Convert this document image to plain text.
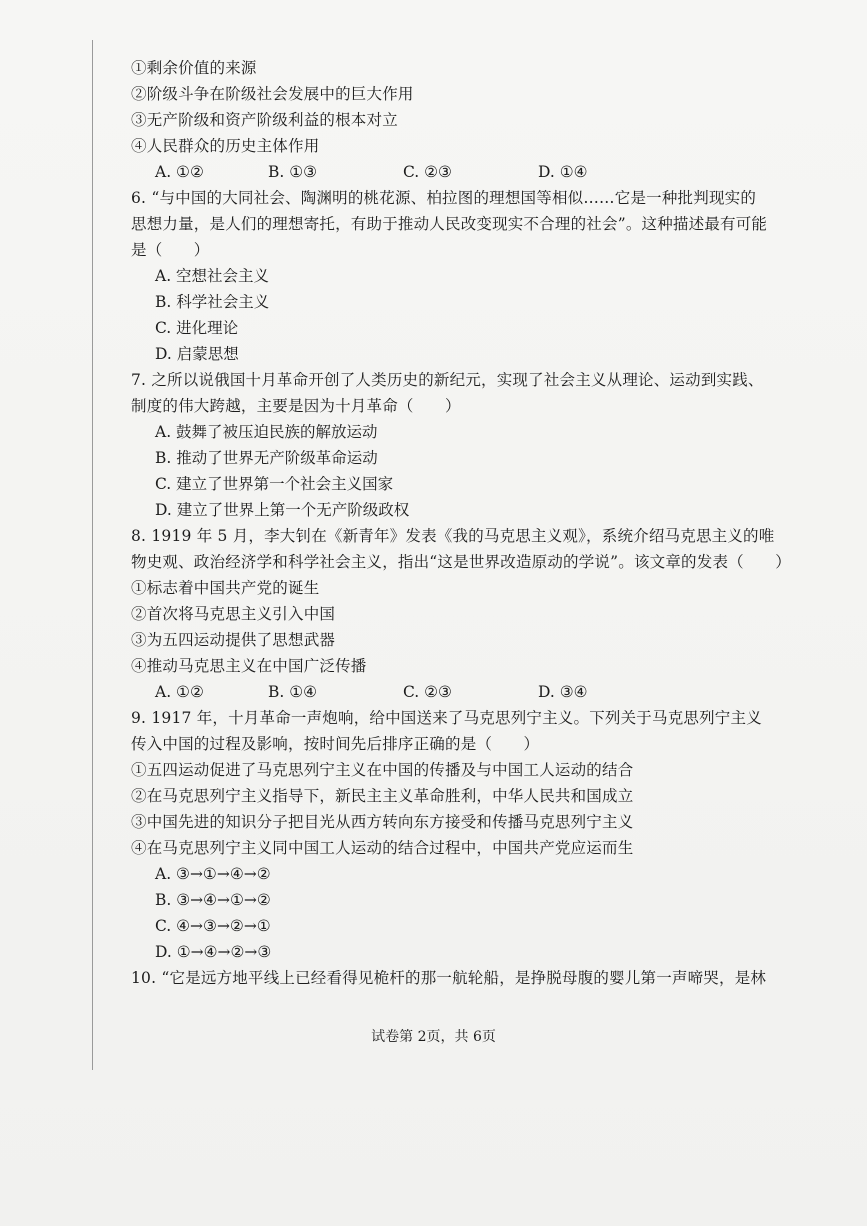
①剩余价值的来源
②阶级斗争在阶级社会发展中的巨大作用
③无产阶级和资产阶级利益的根本对立
④人民群众的历史主体作用
A. ①②	B. ①③	C. ②③	D. ①④
6. “与中国的大同社会、陶渊明的桃花源、柏拉图的理想国等相似……它是一种批判现实的
思想力量，是人们的理想寄托，有助于推动人民改变现实不合理的社会”。这种描述最有可能
是（　　）
A. 空想社会主义
B. 科学社会主义
C. 进化理论
D. 启蒙思想
7. 之所以说俄国十月革命开创了人类历史的新纪元，实现了社会主义从理论、运动到实践、
制度的伟大跨越，主要是因为十月革命（　　）
A. 鼓舞了被压迫民族的解放运动
B. 推动了世界无产阶级革命运动
C. 建立了世界第一个社会主义国家
D. 建立了世界上第一个无产阶级政权
8. 1919 年 5 月，李大钊在《新青年》发表《我的马克思主义观》，系统介绍马克思主义的唯
物史观、政治经济学和科学社会主义，指出“这是世界改造原动的学说”。该文章的发表（　　）
①标志着中国共产党的诞生
②首次将马克思主义引入中国
③为五四运动提供了思想武器
④推动马克思主义在中国广泛传播
A. ①②	B. ①④	C. ②③	D. ③④
9. 1917 年，十月革命一声炮响，给中国送来了马克思列宁主义。下列关于马克思列宁主义
传入中国的过程及影响，按时间先后排序正确的是（　　）
①五四运动促进了马克思列宁主义在中国的传播及与中国工人运动的结合
②在马克思列宁主义指导下，新民主主义革命胜利，中华人民共和国成立
③中国先进的知识分子把目光从西方转向东方接受和传播马克思列宁主义
④在马克思列宁主义同中国工人运动的结合过程中，中国共产党应运而生
A. ③→①→④→②
B. ③→④→①→②
C. ④→③→②→①
D. ①→④→②→③
10. “它是远方地平线上已经看得见桅杆的那一航轮船，是挣脱母腹的婴儿第一声啼哭，是林
试卷第 2页，共 6页
